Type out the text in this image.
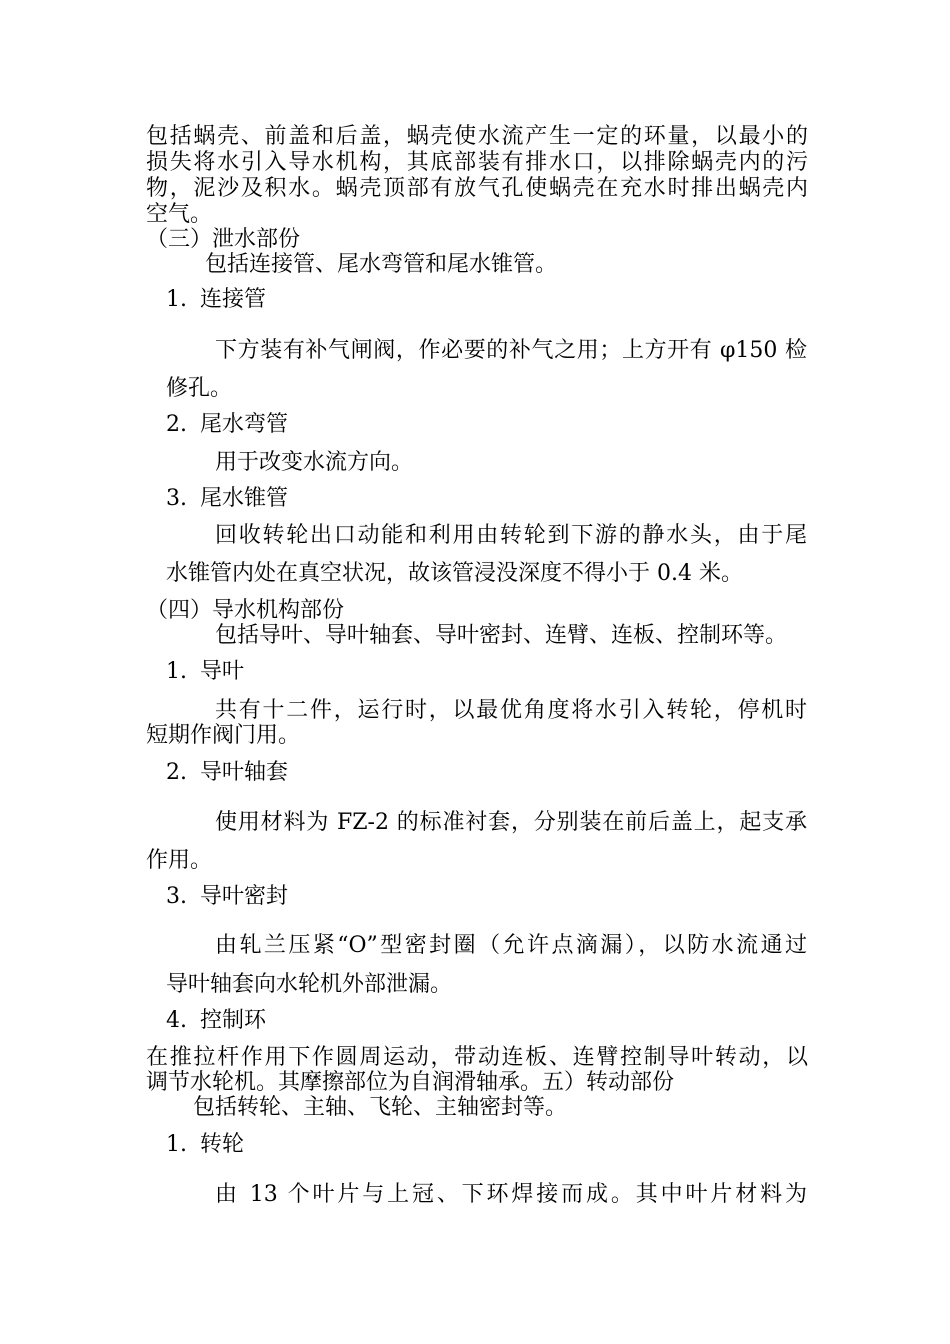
包括蜗壳、前盖和后盖，蜗壳使水流产生一定的环量，以最小的

损失将水引入导水机构，其底部装有排水口，以排除蜗壳内的污

物，泥沙及积水。蜗壳顶部有放气孔使蜗壳在充水时排出蜗壳内

空气。

（三）泄水部份

包括连接管、尾水弯管和尾水锥管。

1. 连接管

下方装有补气闸阀，作必要的补气之用；上方开有 φ150 检

修孔。

2. 尾水弯管

用于改变水流方向。

3. 尾水锥管

回收转轮出口动能和利用由转轮到下游的静水头，由于尾

水锥管内处在真空状况，故该管浸没深度不得小于 0.4 米。

（四）导水机构部份

包括导叶、导叶轴套、导叶密封、连臂、连板、控制环等。

1. 导叶

共有十二件，运行时，以最优角度将水引入转轮，停机时

短期作阀门用。

2. 导叶轴套

使用材料为 FZ-2 的标准衬套，分别装在前后盖上，起支承

作用。

3. 导叶密封

由轧兰压紧“O”型密封圈（允许点滴漏），以防水流通过

导叶轴套向水轮机外部泄漏。

4. 控制环

在推拉杆作用下作圆周运动，带动连板、连臂控制导叶转动，以

调节水轮机。其摩擦部位为自润滑轴承。五）转动部份

包括转轮、主轴、飞轮、主轴密封等。

1. 转轮

由 13 个叶片与上冠、下环焊接而成。其中叶片材料为
